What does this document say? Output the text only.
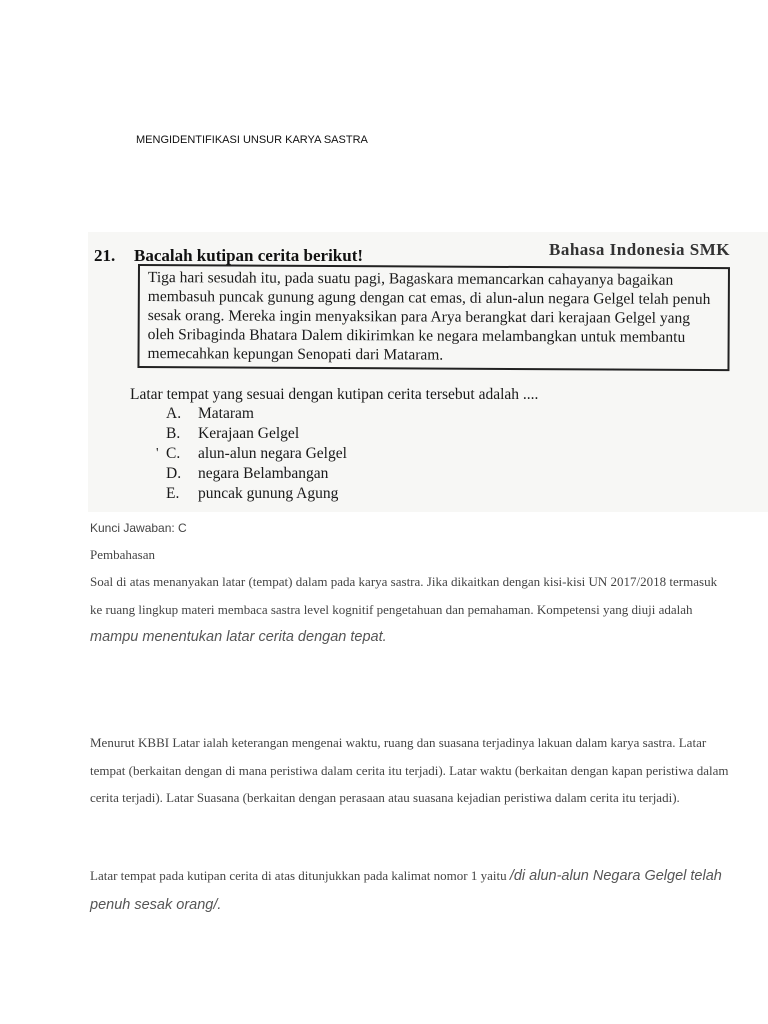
MENGIDENTIFIKASI UNSUR KARYA SASTRA
Bahasa Indonesia SMK
21. Bacalah kutipan cerita berikut!
Tiga hari sesudah itu, pada suatu pagi, Bagaskara memancarkan cahayanya bagaikan
membasuh puncak gunung agung dengan cat emas, di alun-alun negara Gelgel telah penuh
sesak orang. Mereka ingin menyaksikan para Arya berangkat dari kerajaan Gelgel yang
oleh Sribaginda Bhatara Dalem dikirimkan ke negara melambangkan untuk membantu
memecahkan kepungan Senopati dari Mataram.
Latar tempat yang sesuai dengan kutipan cerita tersebut adalah ....
A. Mataram
B. Kerajaan Gelgel
' C. alun-alun negara Gelgel
D. negara Belambangan
E. puncak gunung Agung
Kunci Jawaban: C
Pembahasan
Soal di atas menanyakan latar (tempat) dalam pada karya sastra. Jika dikaitkan dengan kisi-kisi UN 2017/2018 termasuk ke ruang lingkup materi membaca sastra level kognitif pengetahuan dan pemahaman. Kompetensi yang diuji adalah mampu menentukan latar cerita dengan tepat.
Menurut KBBI Latar ialah keterangan mengenai waktu, ruang dan suasana terjadinya lakuan dalam karya sastra. Latar tempat (berkaitan dengan di mana peristiwa dalam cerita itu terjadi). Latar waktu (berkaitan dengan kapan peristiwa dalam cerita terjadi). Latar Suasana (berkaitan dengan perasaan atau suasana kejadian peristiwa dalam cerita itu terjadi).
Latar tempat pada kutipan cerita di atas ditunjukkan pada kalimat nomor 1 yaitu /di alun-alun Negara Gelgel telah penuh sesak orang/.
